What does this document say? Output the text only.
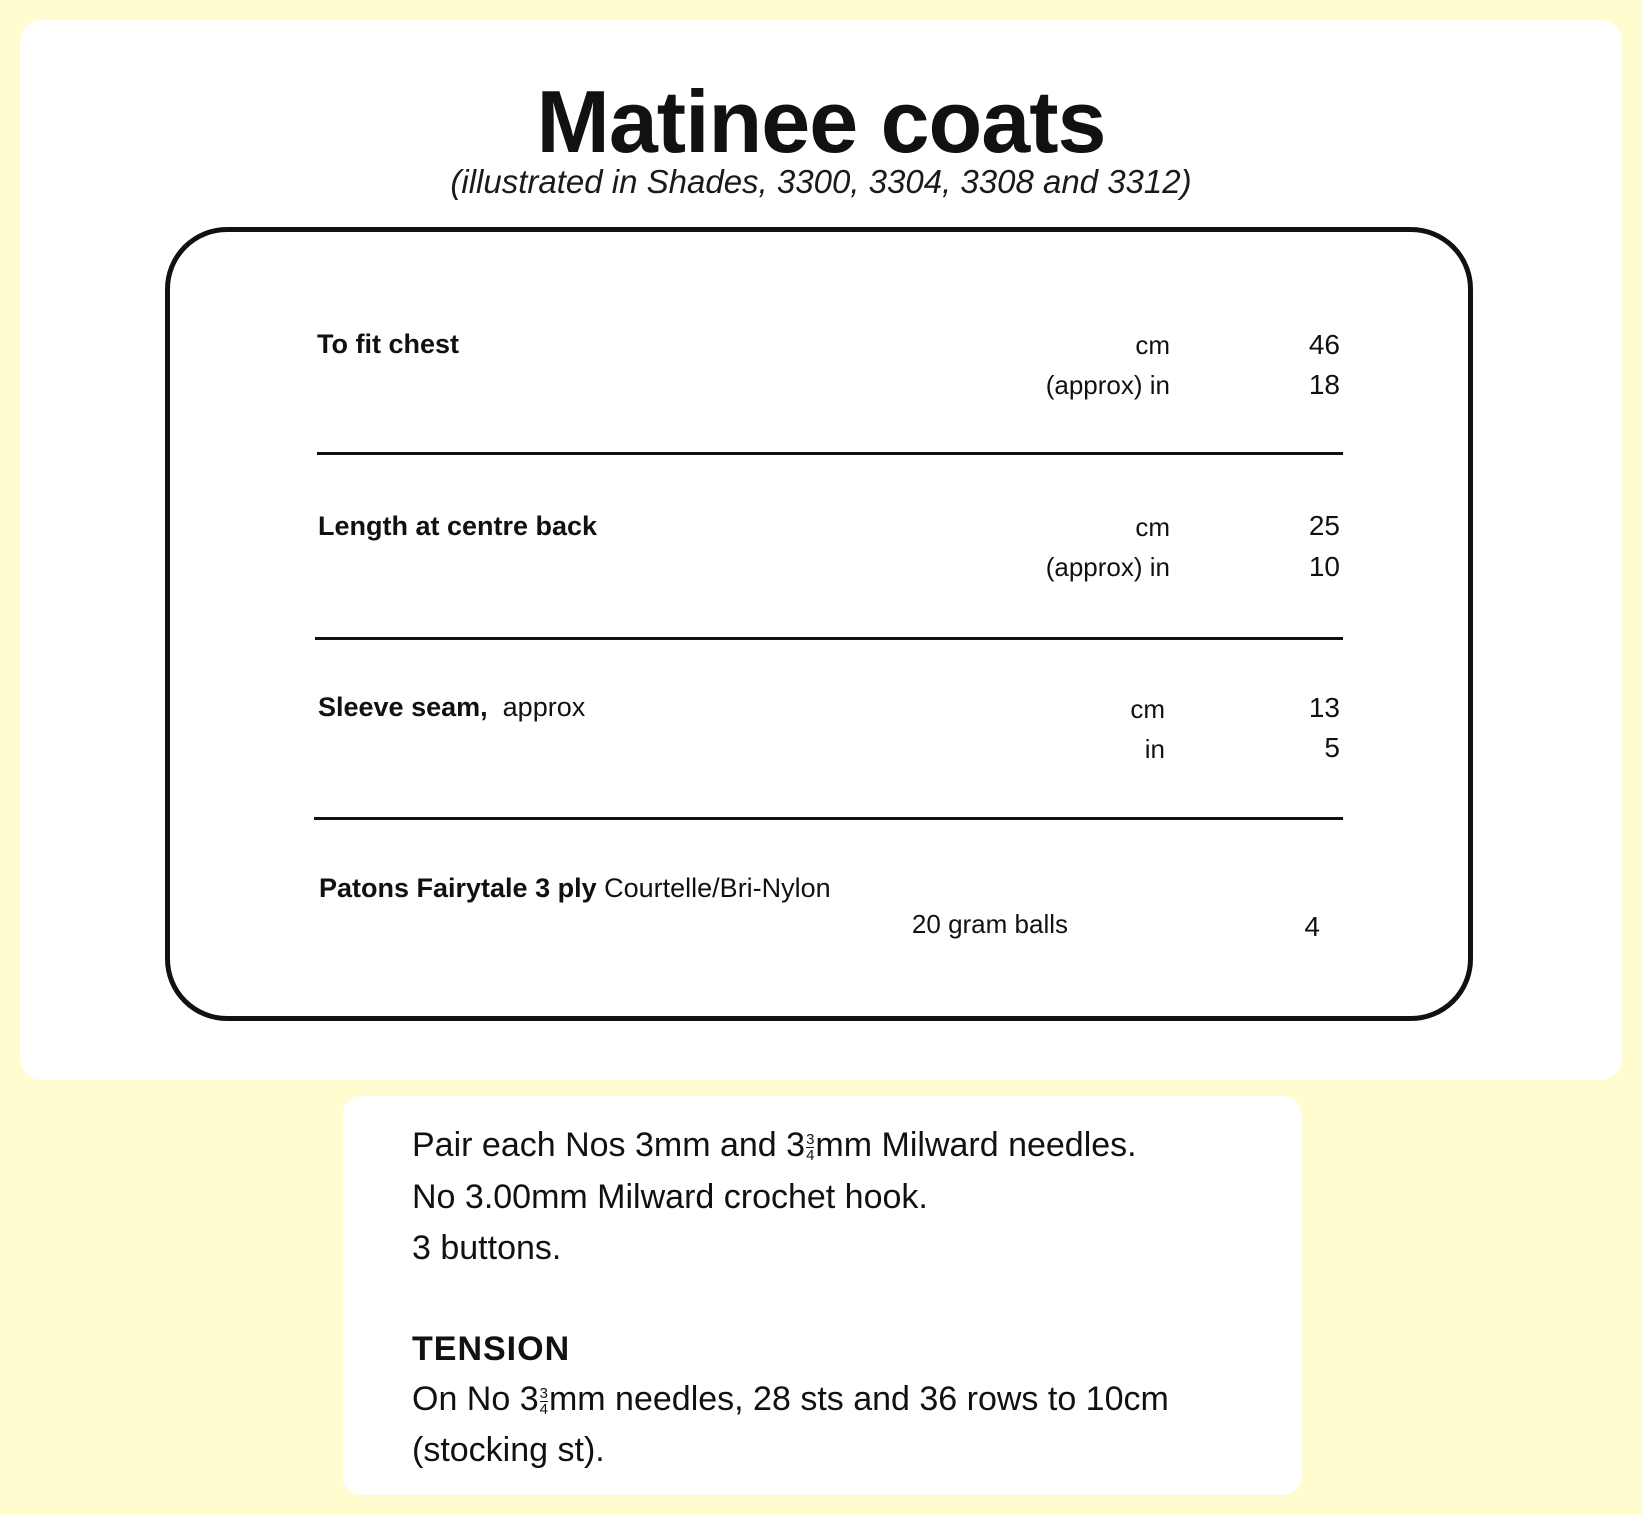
Matinee coats
(illustrated in Shades, 3300, 3304, 3308 and 3312)
To fit chest	cm	46
(approx) in	18
Length at centre back	cm	25
(approx) in	10
Sleeve seam, approx	cm	13
in	5
Patons Fairytale 3 ply Courtelle/Bri-Nylon
20 gram balls	4
Pair each Nos 3mm and $3 \frac{3}{4}$ mm Milward needles.
No 3.00mm Milward crochet hook.
3 buttons.
TENSION
On No $3 \frac{3}{4}$ mm needles, 28 sts and 36 rows to 10cm
(stocking st).
